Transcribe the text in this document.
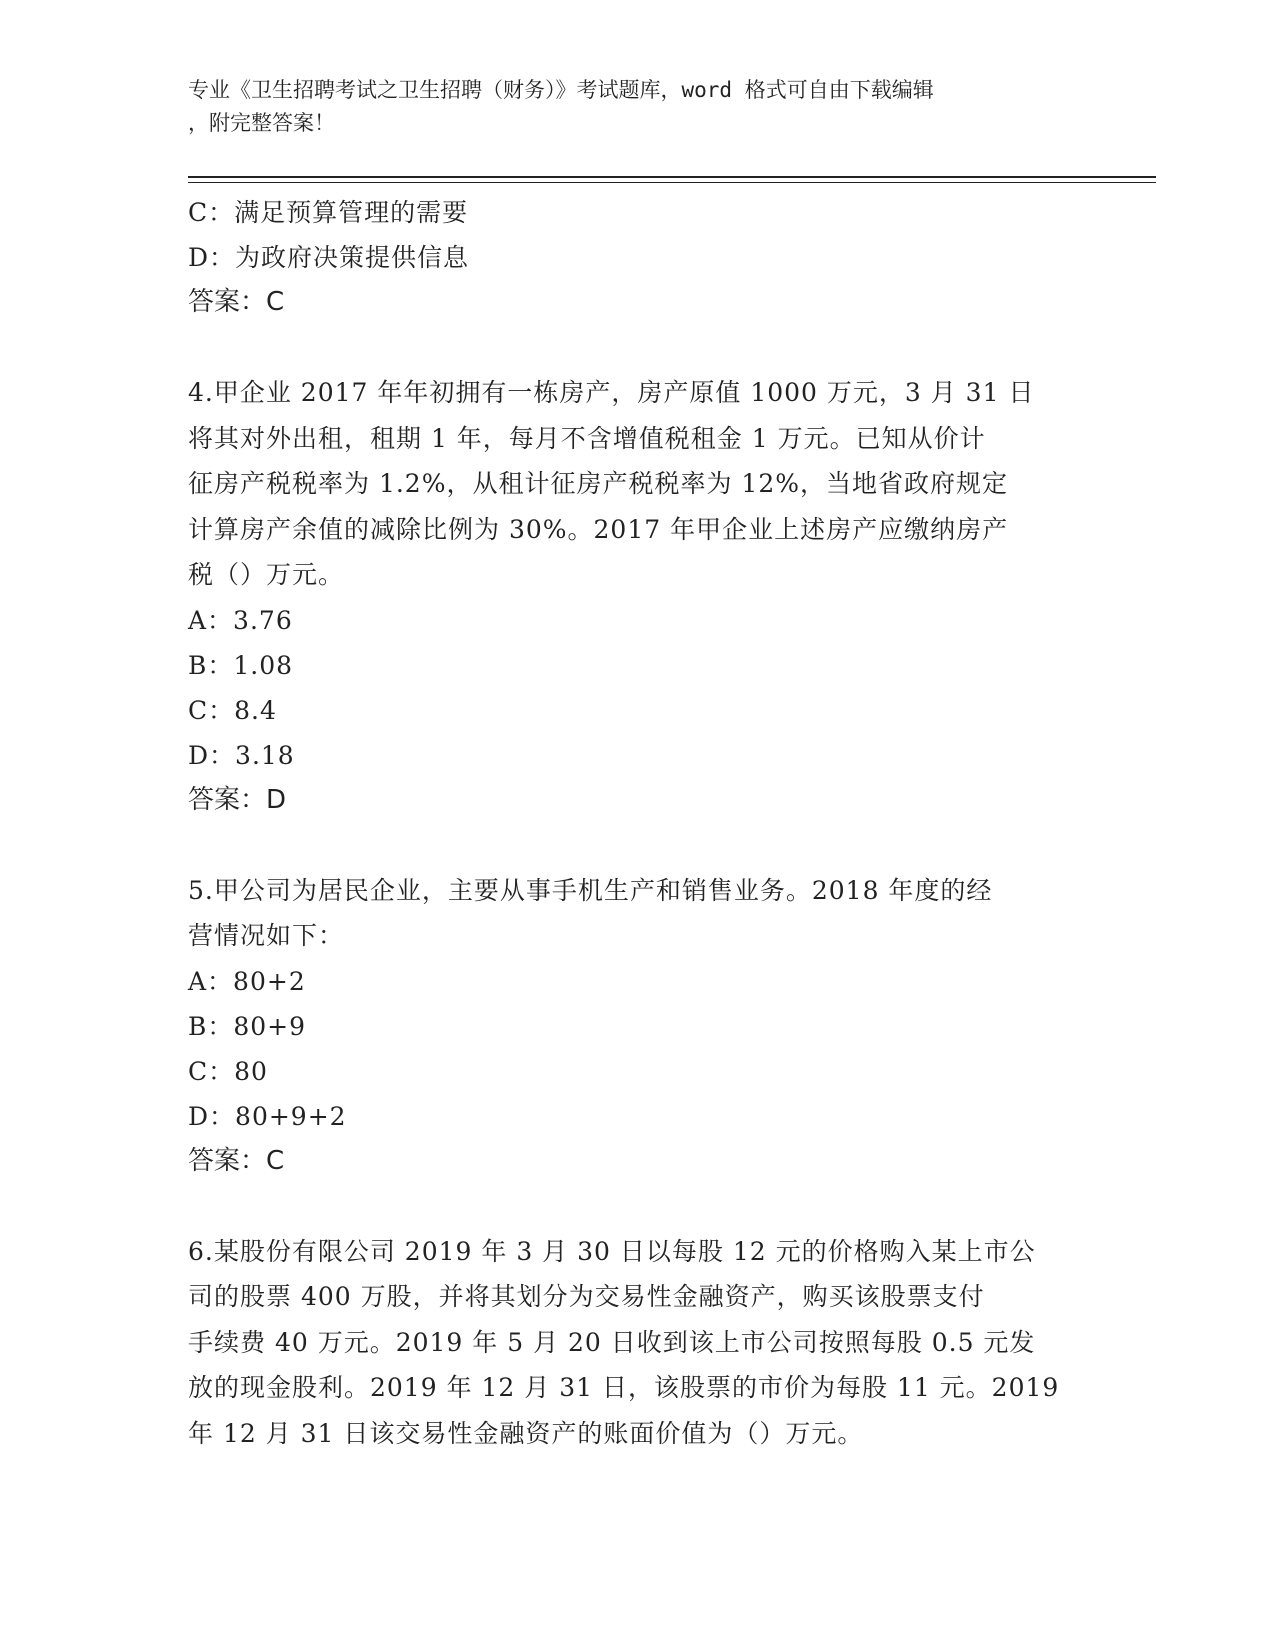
专业《卫生招聘考试之卫生招聘（财务）》考试题库，word 格式可自由下载编辑
，附完整答案！
C：满足预算管理的需要
D：为政府决策提供信息
答案：C
4.甲企业 2017 年年初拥有一栋房产，房产原值 1000 万元，3 月 31 日
将其对外出租，租期 1 年，每月不含增值税租金 1 万元。已知从价计
征房产税税率为 1.2%，从租计征房产税税率为 12%，当地省政府规定
计算房产余值的减除比例为 30%。2017 年甲企业上述房产应缴纳房产
税（）万元。
A：3.76
B：1.08
C：8.4
D：3.18
答案：D
5.甲公司为居民企业，主要从事手机生产和销售业务。2018 年度的经
营情况如下：
A：80+2
B：80+9
C：80
D：80+9+2
答案：C
6.某股份有限公司 2019 年 3 月 30 日以每股 12 元的价格购入某上市公
司的股票 400 万股，并将其划分为交易性金融资产，购买该股票支付
手续费 40 万元。2019 年 5 月 20 日收到该上市公司按照每股 0.5 元发
放的现金股利。2019 年 12 月 31 日，该股票的市价为每股 11 元。2019
年 12 月 31 日该交易性金融资产的账面价值为（）万元。
